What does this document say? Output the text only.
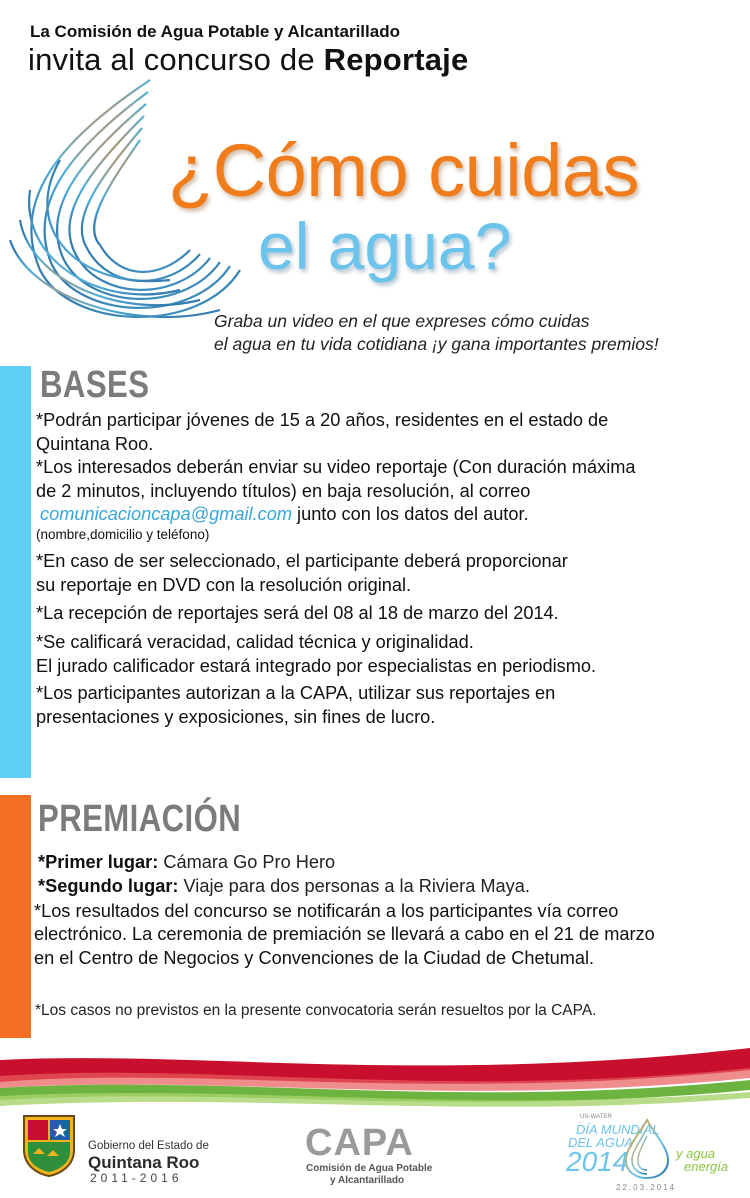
La Comisión de Agua Potable y Alcantarillado
invita al concurso de Reportaje
¿Cómo cuidas
el agua?
Graba un video en el que expreses cómo cuidas
el agua en tu vida cotidiana ¡y gana importantes premios!
BASES
*Podrán participar jóvenes de 15 a 20 años, residentes en el estado de
Quintana Roo.
*Los interesados deberán enviar su video reportaje (Con duración máxima
de 2 minutos, incluyendo títulos) en baja resolución, al correo
comunicacioncapa@gmail.com junto con los datos del autor.
(nombre,domicilio y teléfono)
*En caso de ser seleccionado, el participante deberá proporcionar
su reportaje en DVD con la resolución original.
*La recepción de reportajes será del 08 al 18 de marzo del 2014.
*Se calificará veracidad, calidad técnica y originalidad.
El jurado calificador estará integrado por especialistas en periodismo.
*Los participantes autorizan a la CAPA, utilizar sus reportajes en
presentaciones y exposiciones, sin fines de lucro.
PREMIACIÓN
*Primer lugar: Cámara Go Pro Hero
*Segundo lugar: Viaje para dos personas a la Riviera Maya.
*Los resultados del concurso se notificarán a los participantes vía correo
electrónico. La ceremonia de premiación se llevará a cabo en el 21 de marzo
en el Centro de Negocios y Convenciones de la Ciudad de Chetumal.
*Los casos no previstos en la presente convocatoria serán resueltos por la CAPA.
Gobierno del Estado de
Quintana Roo
2011-2016
CAPA
Comisión de Agua Potable
y Alcantarillado
UN-WATER
DÍA MUNDIAL
DEL AGUA
2014	y agua
energía
22.03.2014
